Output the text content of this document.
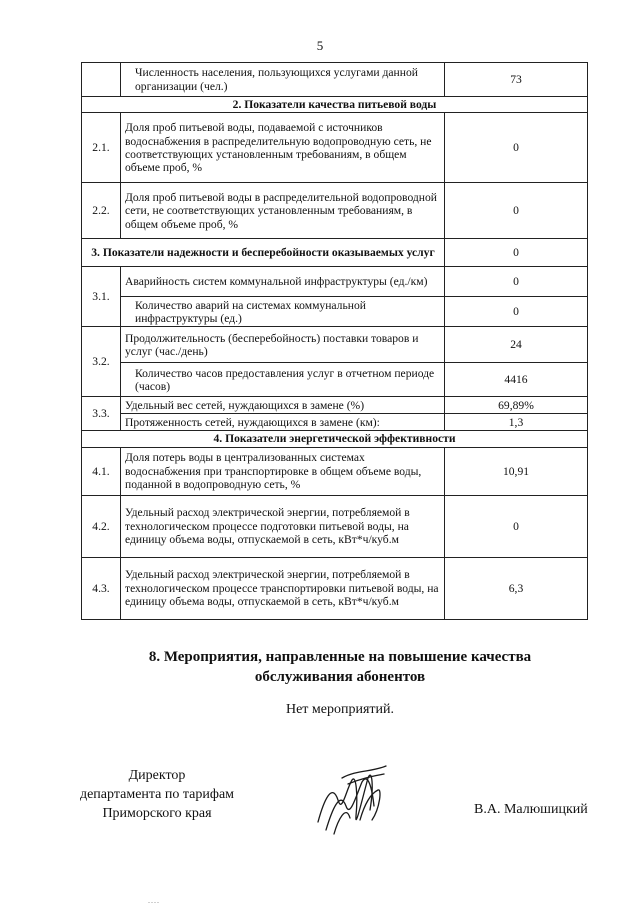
5
	Численность населения, пользующихся услугами данной организации (чел.)	73
2. Показатели качества питьевой воды		
2.1.	Доля проб питьевой воды, подаваемой с источников водоснабжения в распределительную водопроводную сеть, не соответствующих установленным требованиям, в общем объеме проб, %	0
2.2.	Доля проб питьевой воды в распределительной водопроводной сети, не соответствующих установленным требованиям, в общем объеме проб, %	0
3. Показатели надежности и бесперебойности оказываемых услуг		0
3.1.	Аварийность систем коммунальной инфраструктуры (ед./км)	0
	Количество аварий на системах коммунальной инфраструктуры (ед.)	0
3.2.	Продолжительность (бесперебойность) поставки товаров и услуг (час./день)	24
	Количество часов предоставления услуг в отчетном периоде (часов)	4416
3.3.	Удельный вес сетей, нуждающихся в замене (%)	69,89%
	Протяженность сетей, нуждающихся в замене (км):	1,3
4. Показатели энергетической эффективности		
4.1.	Доля потерь воды в централизованных системах водоснабжения при транспортировке в общем объеме воды, поданной в водопроводную сеть, %	10,91
4.2.	Удельный расход электрической энергии, потребляемой в технологическом процессе подготовки питьевой воды, на единицу объема воды, отпускаемой в сеть, кВт*ч/куб.м	0
4.3.	Удельный расход электрической энергии, потребляемой в технологическом процессе транспортировки питьевой воды, на единицу объема воды, отпускаемой в сеть, кВт*ч/куб.м	6,3
8. Мероприятия, направленные на повышение качества
обслуживания абонентов
Нет мероприятий.
Директор
департамента по тарифам
Приморского края	В.А. Малюшицкий
....
